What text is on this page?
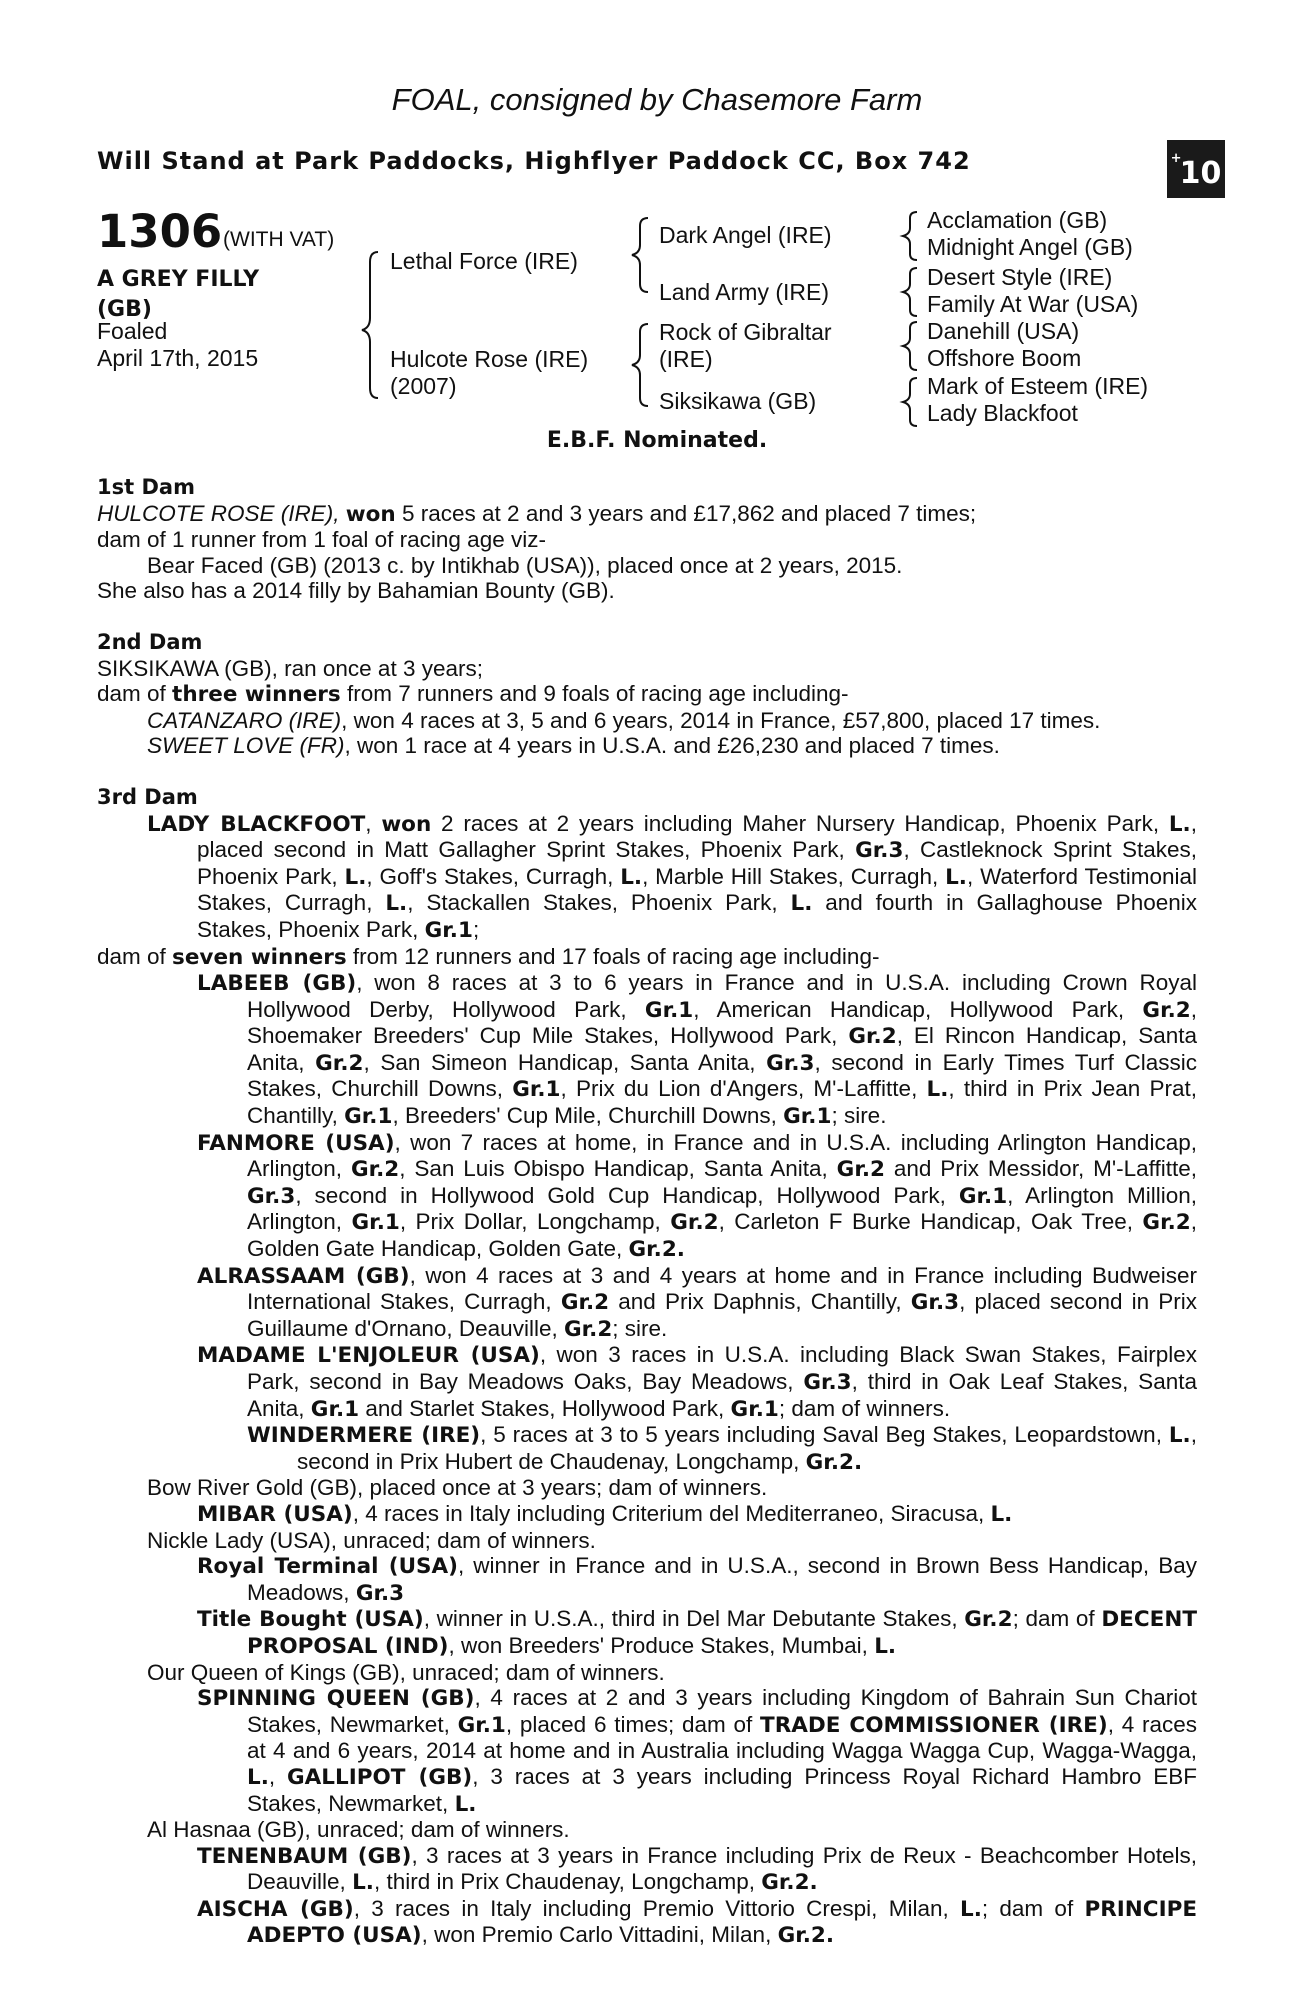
FOAL, consigned by Chasemore Farm
Will Stand at Park Paddocks, Highflyer Paddock CC, Box 742	+10
1306 (WITH VAT)
A GREY FILLY
(GB)
Foaled
April 17th, 2015
Lethal Force (IRE)
Hulcote Rose (IRE)
(2007)
Dark Angel (IRE)
Land Army (IRE)
Rock of Gibraltar
(IRE)
Siksikawa (GB)
Acclamation (GB)
Midnight Angel (GB)
Desert Style (IRE)
Family At War (USA)
Danehill (USA)
Offshore Boom
Mark of Esteem (IRE)
Lady Blackfoot
E.B.F. Nominated.

1st Dam

HULCOTE ROSE (IRE), won 5 races at 2 and 3 years and £17,862 and placed 7 times;

dam of 1 runner from 1 foal of racing age viz-

Bear Faced (GB) (2013 c. by Intikhab (USA)), placed once at 2 years, 2015.

She also has a 2014 filly by Bahamian Bounty (GB).

2nd Dam

SIKSIKAWA (GB), ran once at 3 years;

dam of three winners from 7 runners and 9 foals of racing age including-

CATANZARO (IRE), won 4 races at 3, 5 and 6 years, 2014 in France, £57,800, placed 17 times.

SWEET LOVE (FR), won 1 race at 4 years in U.S.A. and £26,230 and placed 7 times.

3rd Dam

LADY BLACKFOOT, won 2 races at 2 years including Maher Nursery Handicap, Phoenix Park, L., placed second in Matt Gallagher Sprint Stakes, Phoenix Park, Gr.3, Castleknock Sprint Stakes, Phoenix Park, L., Goff's Stakes, Curragh, L., Marble Hill Stakes, Curragh, L., Waterford Testimonial Stakes, Curragh, L., Stackallen Stakes, Phoenix Park, L. and fourth in Gallaghouse Phoenix Stakes, Phoenix Park, Gr.1;

dam of seven winners from 12 runners and 17 foals of racing age including-

LABEEB (GB), won 8 races at 3 to 6 years in France and in U.S.A. including Crown Royal Hollywood Derby, Hollywood Park, Gr.1, American Handicap, Hollywood Park, Gr.2, Shoemaker Breeders' Cup Mile Stakes, Hollywood Park, Gr.2, El Rincon Handicap, Santa Anita, Gr.2, San Simeon Handicap, Santa Anita, Gr.3, second in Early Times Turf Classic Stakes, Churchill Downs, Gr.1, Prix du Lion d'Angers, M'-Laffitte, L., third in Prix Jean Prat, Chantilly, Gr.1, Breeders' Cup Mile, Churchill Downs, Gr.1; sire.

FANMORE (USA), won 7 races at home, in France and in U.S.A. including Arlington Handicap, Arlington, Gr.2, San Luis Obispo Handicap, Santa Anita, Gr.2 and Prix Messidor, M'-Laffitte, Gr.3, second in Hollywood Gold Cup Handicap, Hollywood Park, Gr.1, Arlington Million, Arlington, Gr.1, Prix Dollar, Longchamp, Gr.2, Carleton F Burke Handicap, Oak Tree, Gr.2, Golden Gate Handicap, Golden Gate, Gr.2.

ALRASSAAM (GB), won 4 races at 3 and 4 years at home and in France including Budweiser International Stakes, Curragh, Gr.2 and Prix Daphnis, Chantilly, Gr.3, placed second in Prix Guillaume d'Ornano, Deauville, Gr.2; sire.

MADAME L'ENJOLEUR (USA), won 3 races in U.S.A. including Black Swan Stakes, Fairplex Park, second in Bay Meadows Oaks, Bay Meadows, Gr.3, third in Oak Leaf Stakes, Santa Anita, Gr.1 and Starlet Stakes, Hollywood Park, Gr.1; dam of winners.

WINDERMERE (IRE), 5 races at 3 to 5 years including Saval Beg Stakes, Leopardstown, L., second in Prix Hubert de Chaudenay, Longchamp, Gr.2.

Bow River Gold (GB), placed once at 3 years; dam of winners.

MIBAR (USA), 4 races in Italy including Criterium del Mediterraneo, Siracusa, L.

Nickle Lady (USA), unraced; dam of winners.

Royal Terminal (USA), winner in France and in U.S.A., second in Brown Bess Handicap, Bay Meadows, Gr.3

Title Bought (USA), winner in U.S.A., third in Del Mar Debutante Stakes, Gr.2; dam of DECENT PROPOSAL (IND), won Breeders' Produce Stakes, Mumbai, L.

Our Queen of Kings (GB), unraced; dam of winners.

SPINNING QUEEN (GB), 4 races at 2 and 3 years including Kingdom of Bahrain Sun Chariot Stakes, Newmarket, Gr.1, placed 6 times; dam of TRADE COMMISSIONER (IRE), 4 races at 4 and 6 years, 2014 at home and in Australia including Wagga Wagga Cup, Wagga-Wagga, L., GALLIPOT (GB), 3 races at 3 years including Princess Royal Richard Hambro EBF Stakes, Newmarket, L.

Al Hasnaa (GB), unraced; dam of winners.

TENENBAUM (GB), 3 races at 3 years in France including Prix de Reux - Beachcomber Hotels, Deauville, L., third in Prix Chaudenay, Longchamp, Gr.2.

AISCHA (GB), 3 races in Italy including Premio Vittorio Crespi, Milan, L.; dam of PRINCIPE ADEPTO (USA), won Premio Carlo Vittadini, Milan, Gr.2.
